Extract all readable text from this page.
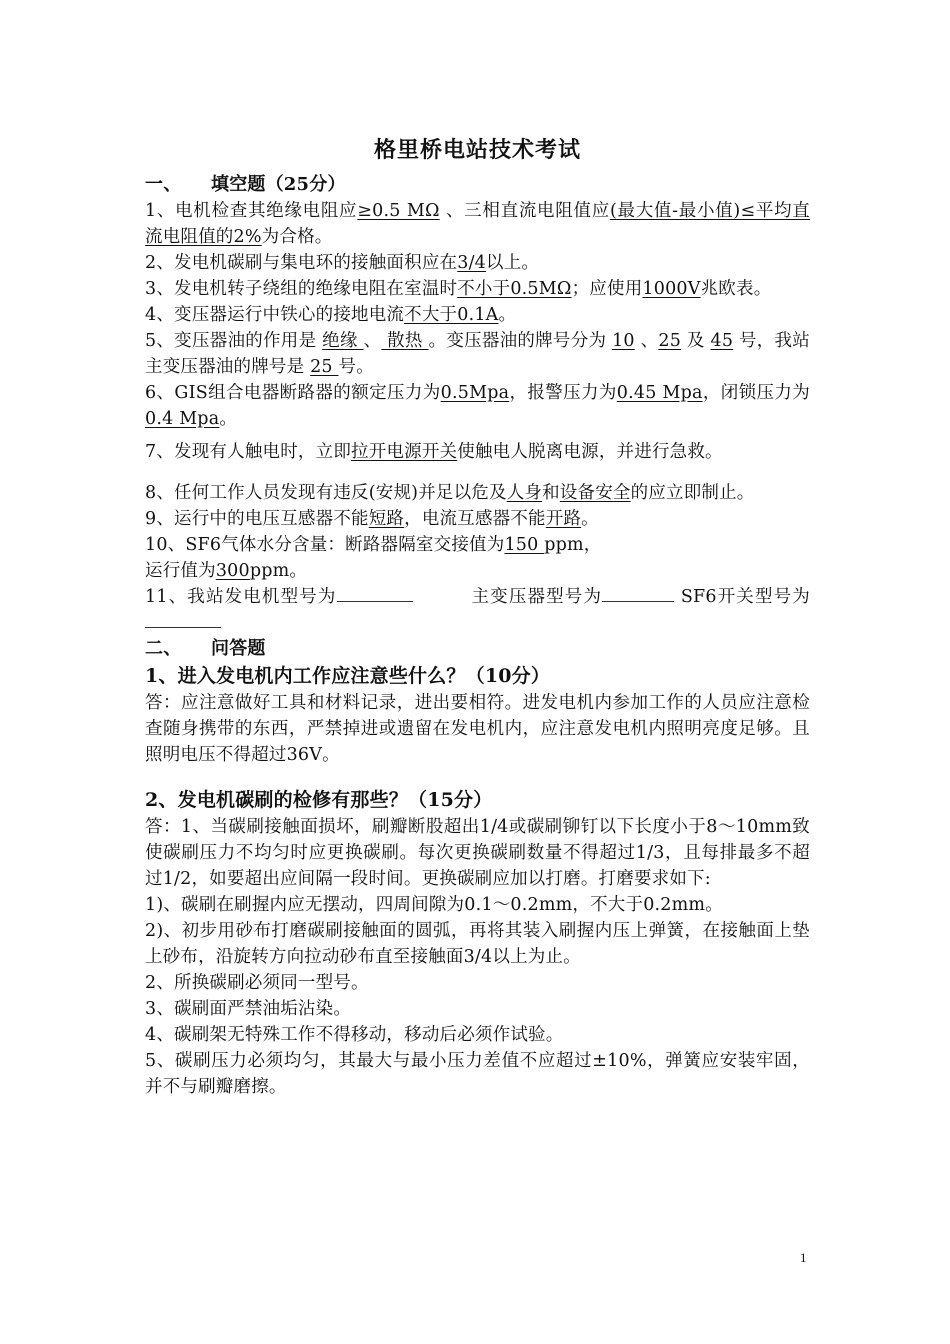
格里桥电站技术考试
一、 填空题（25分）
1、电机检查其绝缘电阻应≥0.5 MΩ 、三相直流电阻值应(最大值-最小值)≤平均直流电阻值的2%为合格。
2、发电机碳刷与集电环的接触面积应在3/4以上。
3、发电机转子绕组的绝缘电阻在室温时不小于0.5MΩ；应使用1000V兆欧表。
4、变压器运行中铁心的接地电流不大于0.1A。
5、变压器油的作用是 绝缘 、 散热 。变压器油的牌号分为 10 、25 及 45 号，我站主变压器油的牌号是 25 号。
6、GIS组合电器断路器的额定压力为0.5Mpa，报警压力为0.45 Mpa，闭锁压力为0.4 Mpa。
7、发现有人触电时，立即拉开电源开关使触电人脱离电源，并进行急救。
8、任何工作人员发现有违反(安规)并足以危及人身和设备安全的应立即制止。
9、运行中的电压互感器不能短路，电流互感器不能开路。
10、SF6气体水分含量：断路器隔室交接值为150 ppm，
运行值为300ppm。
11、我站发电机型号为	主变压器型号为	SF6开关型号为
二、 问答题
1、进入发电机内工作应注意些什么？（10分）
答：应注意做好工具和材料记录，进出要相符。进发电机内参加工作的人员应注意检查随身携带的东西，严禁掉进或遗留在发电机内，应注意发电机内照明亮度足够。且照明电压不得超过36V。
2、发电机碳刷的检修有那些？（15分）
答：1、当碳刷接触面损坏，刷瓣断股超出1/4或碳刷铆钉以下长度小于8～10mm致使碳刷压力不均匀时应更换碳刷。每次更换碳刷数量不得超过1/3，且每排最多不超过1/2，如要超出应间隔一段时间。更换碳刷应加以打磨。打磨要求如下:
1)、碳刷在刷握内应无摆动，四周间隙为0.1～0.2mm，不大于0.2mm。
2)、初步用砂布打磨碳刷接触面的圆弧，再将其装入刷握内压上弹簧，在接触面上垫上砂布，沿旋转方向拉动砂布直至接触面3/4以上为止。
2、所换碳刷必须同一型号。
3、碳刷面严禁油垢沾染。
4、碳刷架无特殊工作不得移动，移动后必须作试验。
5、碳刷压力必须均匀，其最大与最小压力差值不应超过±10%，弹簧应安装牢固，并不与刷瓣磨擦。
1
